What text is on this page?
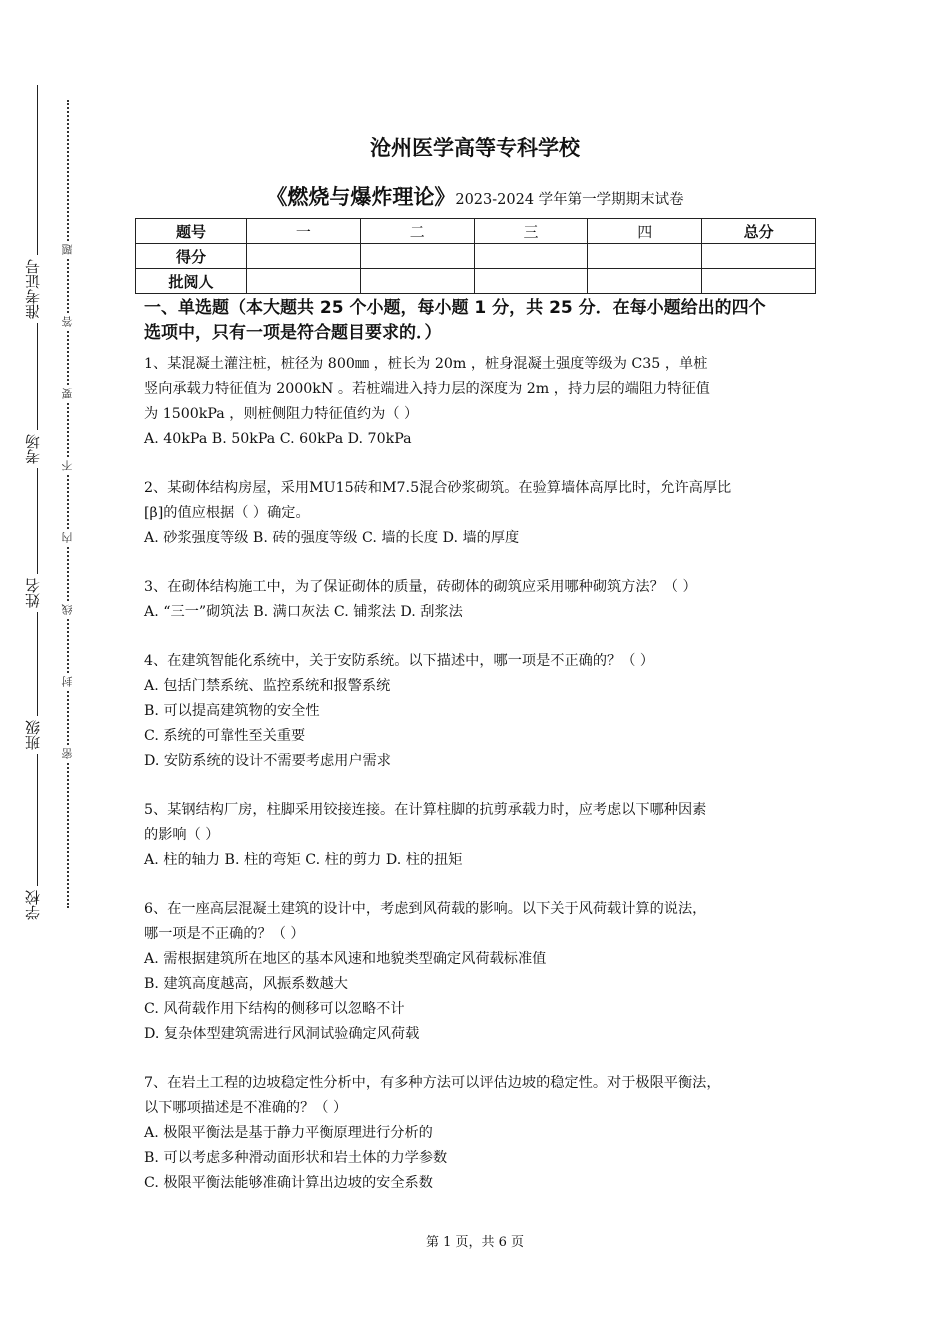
准考证号
考场
姓名
班级
学校
题
答
要
不
内
线
封
密
沧州医学高等专科学校
《燃烧与爆炸理论》2023-2024 学年第一学期期末试卷
题号	一	二	三	四	总分
得分					
批阅人					
一、单选题（本大题共 25 个小题，每小题 1 分，共 25 分．在每小题给出的四个
选项中，只有一项是符合题目要求的．）
1、某混凝土灌注桩，桩径为 800㎜ ，桩长为 20m ，桩身混凝土强度等级为 C35 ，单桩
竖向承载力特征值为 2000kN 。若桩端进入持力层的深度为 2m ，持力层的端阻力特征值
为 1500kPa ，则桩侧阻力特征值约为（ ）
A. 40kPa B. 50kPa C. 60kPa D. 70kPa
2、某砌体结构房屋，采用MU15砖和M7.5混合砂浆砌筑。在验算墙体高厚比时，允许高厚比
[β]的值应根据（ ）确定。
A. 砂浆强度等级 B. 砖的强度等级 C. 墙的长度 D. 墙的厚度
3、在砌体结构施工中，为了保证砌体的质量，砖砌体的砌筑应采用哪种砌筑方法？（ ）
A. “三一”砌筑法 B. 满口灰法 C. 铺浆法 D. 刮浆法
4、在建筑智能化系统中，关于安防系统。以下描述中，哪一项是不正确的？（ ）
A. 包括门禁系统、监控系统和报警系统
B. 可以提高建筑物的安全性
C. 系统的可靠性至关重要
D. 安防系统的设计不需要考虑用户需求
5、某钢结构厂房，柱脚采用铰接连接。在计算柱脚的抗剪承载力时，应考虑以下哪种因素
的影响（ ）
A. 柱的轴力 B. 柱的弯矩 C. 柱的剪力 D. 柱的扭矩
6、在一座高层混凝土建筑的设计中，考虑到风荷载的影响。以下关于风荷载计算的说法，
哪一项是不正确的？（ ）
A. 需根据建筑所在地区的基本风速和地貌类型确定风荷载标准值
B. 建筑高度越高，风振系数越大
C. 风荷载作用下结构的侧移可以忽略不计
D. 复杂体型建筑需进行风洞试验确定风荷载
7、在岩土工程的边坡稳定性分析中，有多种方法可以评估边坡的稳定性。对于极限平衡法，
以下哪项描述是不准确的？（ ）
A. 极限平衡法是基于静力平衡原理进行分析的
B. 可以考虑多种滑动面形状和岩土体的力学参数
C. 极限平衡法能够准确计算出边坡的安全系数
第 1 页，共 6 页
